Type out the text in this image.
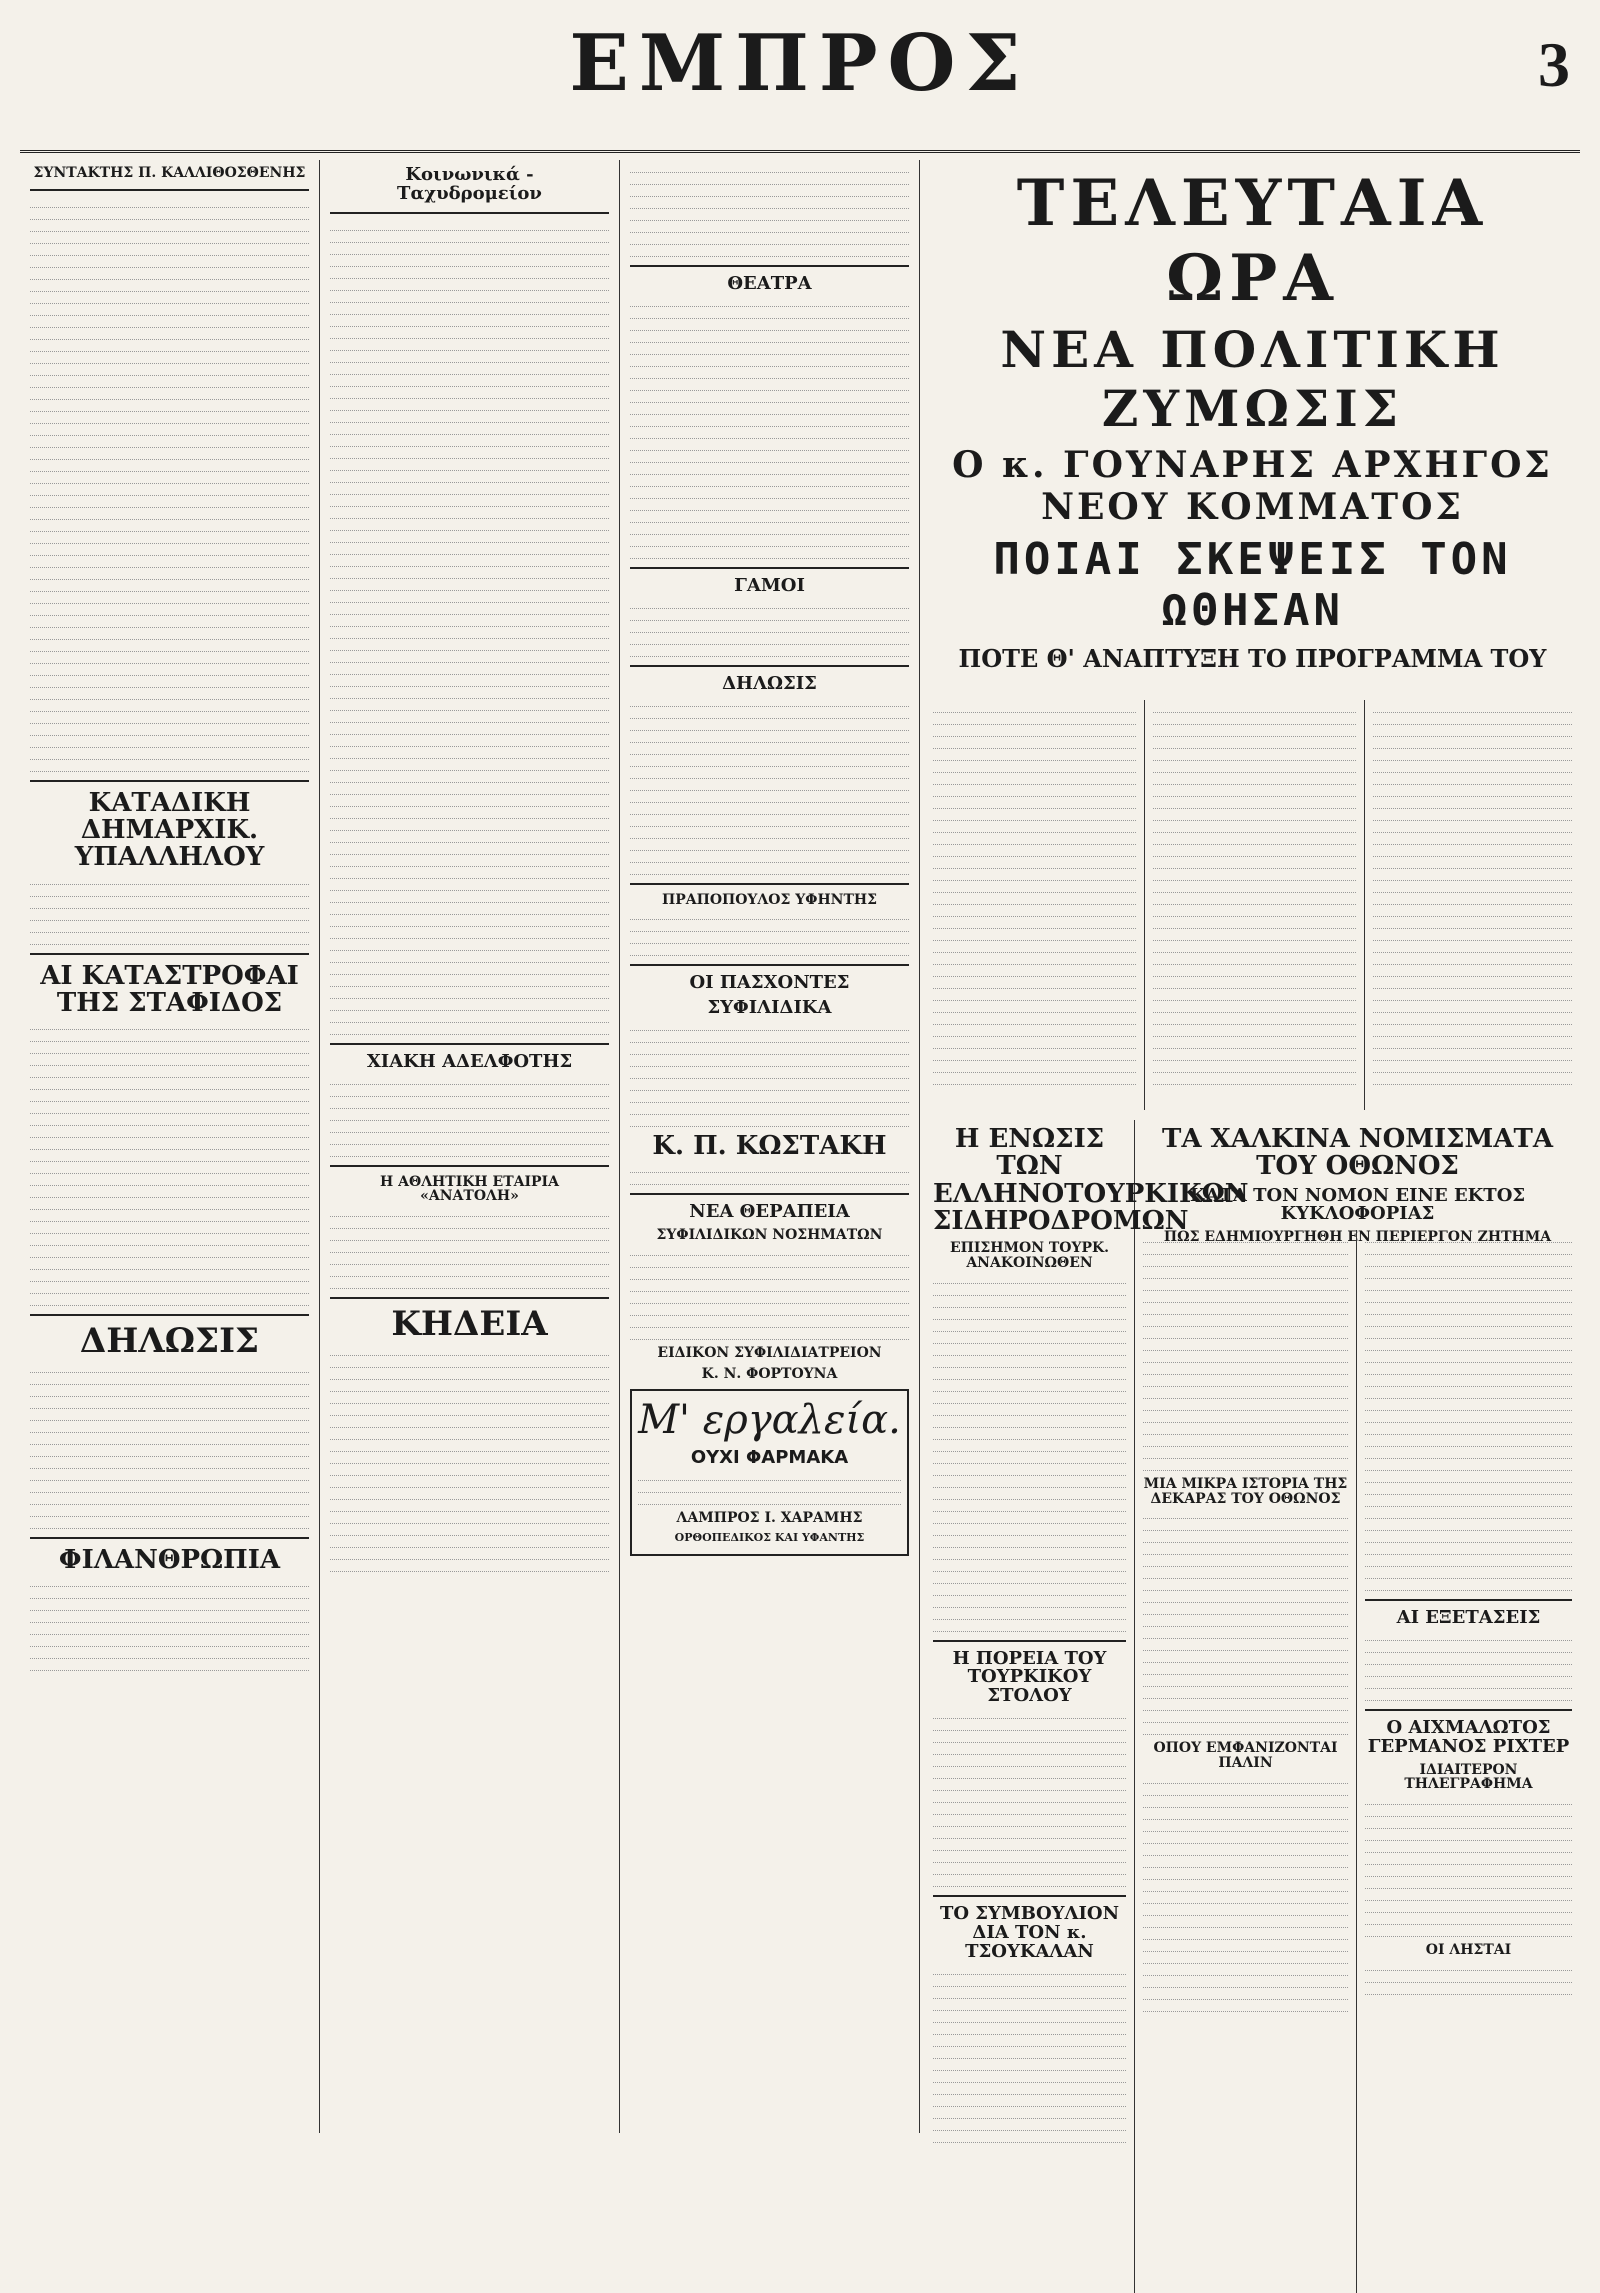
ΕΜΠΡΟΣ	3
ΣΥΝΤΑΚΤΗΣ Π. ΚΑΛΛΙΘΟΣΘΕΝΗΣ
ΚΑΤΑΔΙΚΗ ΔΗΜΑΡΧΙΚ. ΥΠΑΛΛΗΛΟΥ
ΑΙ ΚΑΤΑΣΤΡΟΦΑΙ ΤΗΣ ΣΤΑΦΙΔΟΣ
ΔΗΛΩΣΙΣ
ΦΙΛΑΝΘΡΩΠΙΑ
Κοινωνικά - Ταχυδρομείον
ΧΙΑΚΗ ΑΔΕΛΦΟΤΗΣ
Η ΑΘΛΗΤΙΚΗ ΕΤΑΙΡΙΑ «ΑΝΑΤΟΛΗ»
ΚΗΔΕΙΑ
ΘΕΑΤΡΑ
ΓΑΜΟΙ
ΔΗΛΩΣΙΣ
ΠΡΑΠΟΠΟΥΛΟΣ ΥΦΗΝΤΗΣ
ΟΙ ΠΑΣΧΟΝΤΕΣ
ΣΥΦΙΛΙΔΙΚΑ
Κ. Π. ΚΩΣΤΑΚΗ
ΝΕΑ ΘΕΡΑΠΕΙΑ
ΣΥΦΙΛΙΔΙΚΩΝ ΝΟΣΗΜΑΤΩΝ
ΕΙΔΙΚΟΝ ΣΥΦΙΛΙΔΙΑΤΡΕΙΟΝ
Κ. Ν. ΦΟΡΤΟΥΝΑ
Μ' εργαλεία.
ΟΥΧΙ ΦΑΡΜΑΚΑ
ΛΑΜΠΡΟΣ Ι. ΧΑΡΑΜΗΣ
ΟΡΘΟΠΕΔΙΚΟΣ ΚΑΙ ΥΦΑΝΤΗΣ
ΤΕΛΕΥΤΑΙΑ ΩΡΑ
ΝΕΑ ΠΟΛΙΤΙΚΗ ΖΥΜΩΣΙΣ
Ο κ. ΓΟΥΝΑΡΗΣ ΑΡΧΗΓΟΣ ΝΕΟΥ ΚΟΜΜΑΤΟΣ
ΠΟΙΑΙ ΣΚΕΨΕΙΣ ΤΟΝ ΩΘΗΣΑΝ
ΠΟΤΕ Θ' ΑΝΑΠΤΥΞΗ ΤΟ ΠΡΟΓΡΑΜΜΑ ΤΟΥ
Η ΕΝΩΣΙΣ ΤΩΝ ΕΛΛΗΝΟΤΟΥΡΚΙΚΩΝ ΣΙΔΗΡΟΔΡΟΜΩΝ
ΕΠΙΣΗΜΟΝ ΤΟΥΡΚ. ΑΝΑΚΟΙΝΩΘΕΝ
Η ΠΟΡΕΙΑ ΤΟΥ ΤΟΥΡΚΙΚΟΥ ΣΤΟΛΟΥ
ΤΟ ΣΥΜΒΟΥΛΙΟΝ ΔΙΑ ΤΟΝ κ. ΤΣΟΥΚΑΛΑΝ
ΤΑ ΧΑΛΚΙΝΑ ΝΟΜΙΣΜΑΤΑ ΤΟΥ ΟΘΩΝΟΣ
ΚΑΤΑ ΤΟΝ ΝΟΜΟΝ ΕΙΝΕ ΕΚΤΟΣ ΚΥΚΛΟΦΟΡΙΑΣ
ΠΩΣ ΕΔΗΜΙΟΥΡΓΗΘΗ ΕΝ ΠΕΡΙΕΡΓΟΝ ΖΗΤΗΜΑ
ΜΙΑ ΜΙΚΡΑ ΙΣΤΟΡΙΑ ΤΗΣ ΔΕΚΑΡΑΣ ΤΟΥ ΟΘΩΝΟΣ
ΟΠΟΥ ΕΜΦΑΝΙΖΟΝΤΑΙ ΠΑΛΙΝ
ΑΙ ΕΞΕΤΑΣΕΙΣ
Ο ΑΙΧΜΑΛΩΤΟΣ ΓΕΡΜΑΝΟΣ ΡΙΧΤΕΡ
ΙΔΙΑΙΤΕΡΟΝ ΤΗΛΕΓΡΑΦΗΜΑ
ΟΙ ΛΗΣΤΑΙ
